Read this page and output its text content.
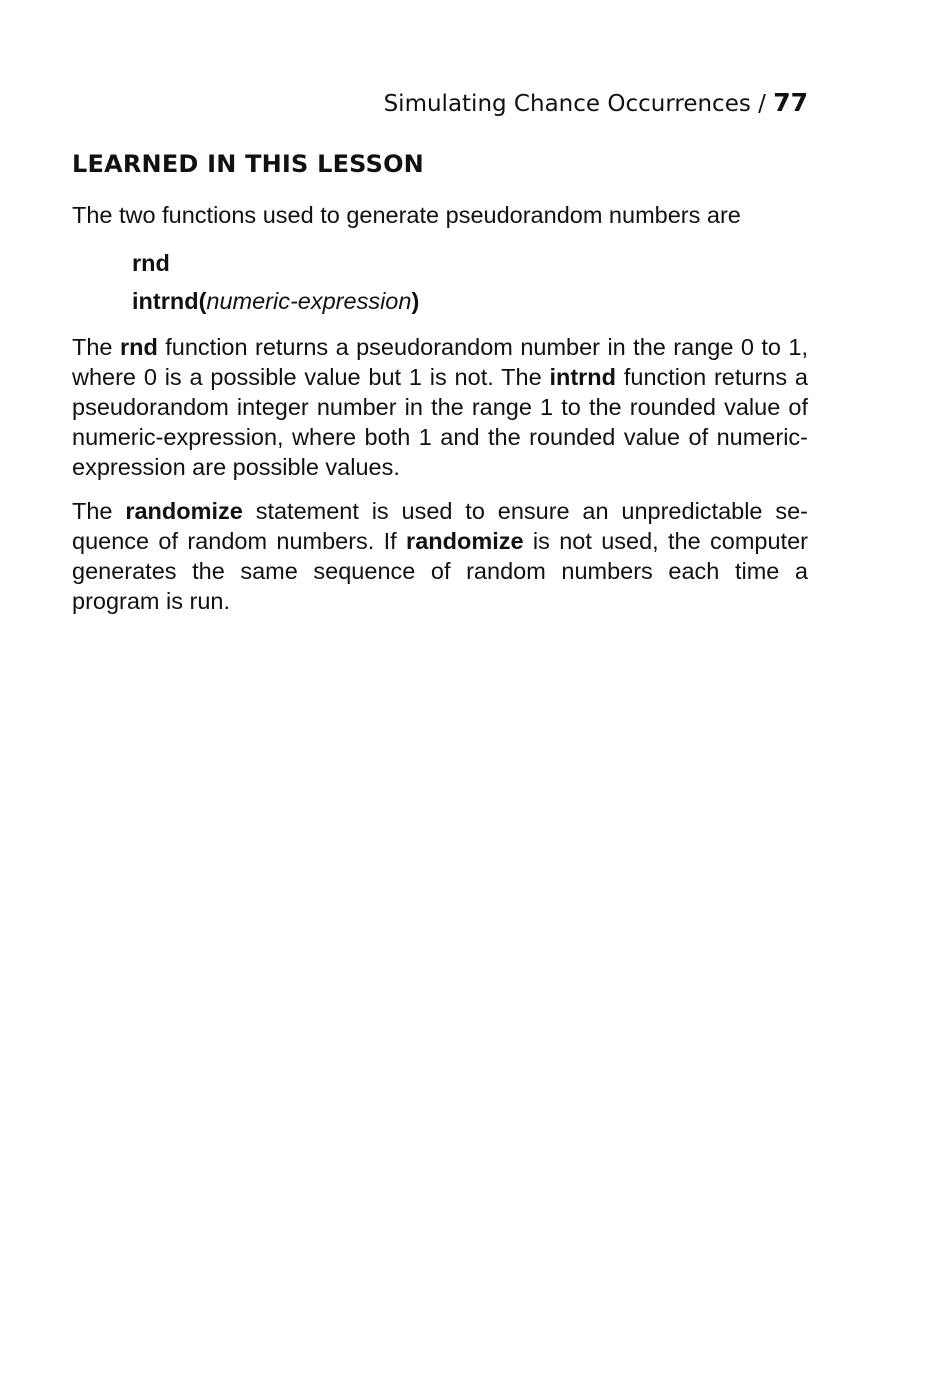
Simulating Chance Occurrences / 77
LEARNED IN THIS LESSON

The two functions used to generate pseudorandom numbers are

rnd
intrnd(numeric-expression)

The rnd function returns a pseudorandom number in the range 0 to 1, where 0 is a possible value but 1 is not. The intrnd function returns a pseudorandom integer number in the range 1 to the rounded value of numeric-expression, where both 1 and the rounded value of numeric-expression are possible values.

The randomize statement is used to ensure an unpredictable sequence of random numbers. If randomize is not used, the computer generates the same sequence of random numbers each time a program is run.
